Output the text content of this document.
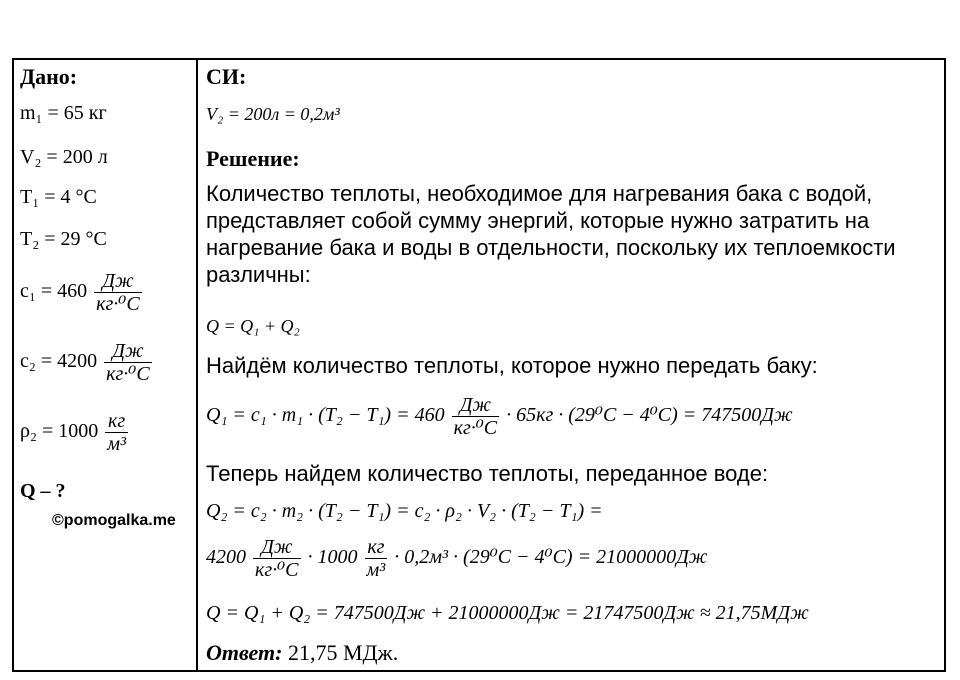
Дано:
m₁ = 65 кг
V₂ = 200 л
T₁ = 4 °С
T₂ = 29 °С
$c_1 = 460 \frac{Дж}{\text{кг·⁰С}}$
$c_2 = 4200 \frac{Дж}{\text{кг·⁰С}}$
$\rho_2 = 1000 \frac{кг}{\text{м³}}$
Q – ?
©pomogalka.me
СИ:
V₂ = 200л = 0,2м³
Решение:
Количество теплоты, необходимое для нагревания бака с водой, представляет собой сумму энергий, которые нужно затратить на нагревание бака и воды в отдельности, поскольку их теплоемкости различны:
Q = Q₁ + Q₂
Найдём количество теплоты, которое нужно передать баку:
$Q_1 = c_1 \cdot m_1 \cdot (T_2 - T_1) = 460 \frac{Дж}{\text{кг·⁰С}} \cdot 65кг \cdot (29^0С - 4^0С) = 747500Дж$
Теперь найдем количество теплоты, переданное воде:
Q₂ = c₂ · m₂ · (T₂ − T₁) = c₂ · ρ₂ · V₂ · (T₂ − T₁) =
$4200 \frac{Дж}{\text{кг·⁰С}} \cdot 1000 \frac{кг}{\text{м³}} \cdot 0,2м^3 \cdot (29^0С - 4^0С) = 21000000Дж$
Q = Q₁ + Q₂ = 747500Дж + 21000000Дж = 21747500Дж ≈ 21,75МДж
Ответ: 21,75 МДж.
